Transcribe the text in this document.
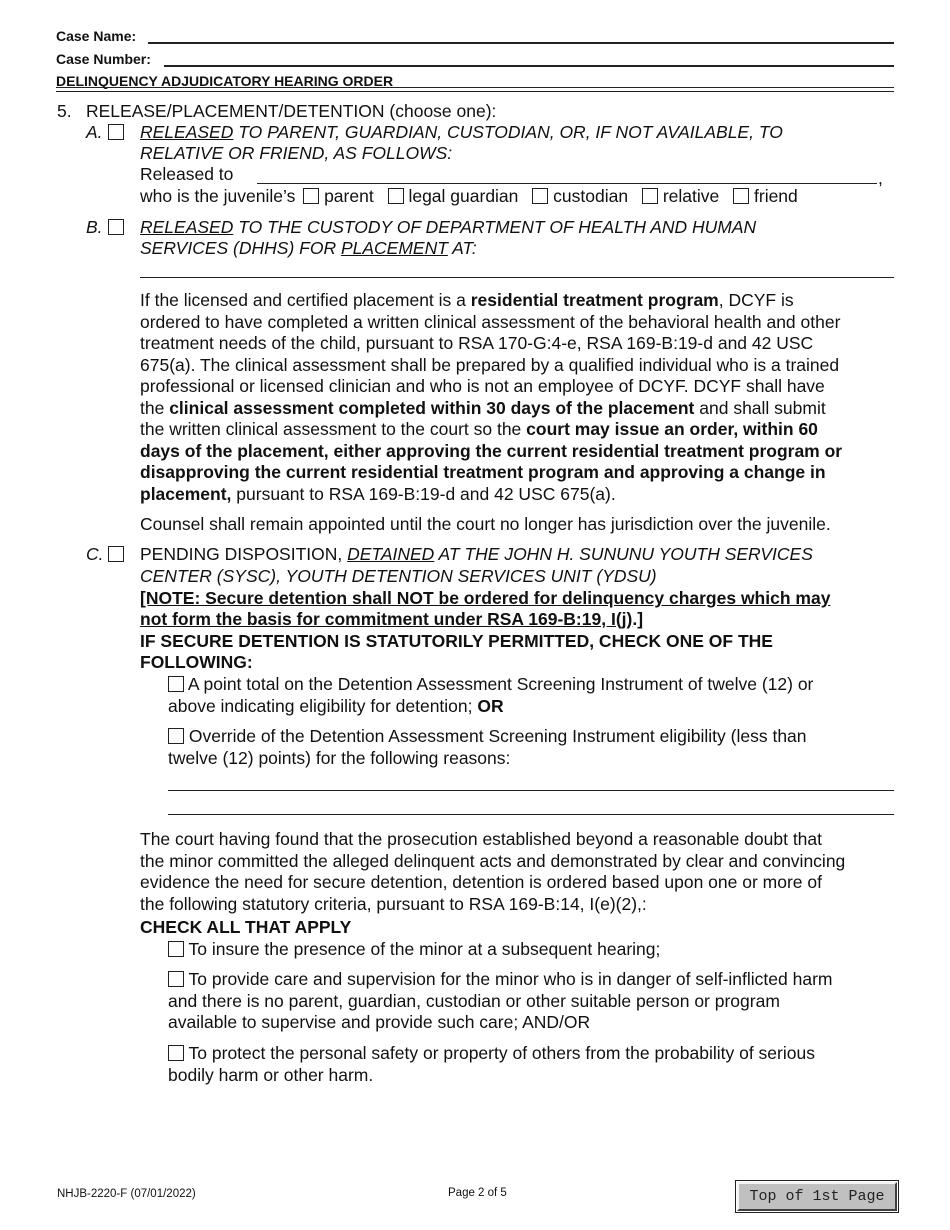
Case Name:
Case Number:
DELINQUENCY ADJUDICATORY HEARING ORDER
5. RELEASE/PLACEMENT/DETENTION (choose one):
A. RELEASED TO PARENT, GUARDIAN, CUSTODIAN, OR, IF NOT AVAILABLE, TO
RELATIVE OR FRIEND, AS FOLLOWS:
Released to	,
who is the juvenile’s parent legal guardian custodian relative friend
B. RELEASED TO THE CUSTODY OF DEPARTMENT OF HEALTH AND HUMAN
SERVICES (DHHS) FOR PLACEMENT AT:
If the licensed and certified placement is a residential treatment program, DCYF is
ordered to have completed a written clinical assessment of the behavioral health and other
treatment needs of the child, pursuant to RSA 170-G:4-e, RSA 169-B:19-d and 42 USC
675(a). The clinical assessment shall be prepared by a qualified individual who is a trained
professional or licensed clinician and who is not an employee of DCYF. DCYF shall have
the clinical assessment completed within 30 days of the placement and shall submit
the written clinical assessment to the court so the court may issue an order, within 60
days of the placement, either approving the current residential treatment program or
disapproving the current residential treatment program and approving a change in
placement, pursuant to RSA 169-B:19-d and 42 USC 675(a).
Counsel shall remain appointed until the court no longer has jurisdiction over the juvenile.
C. PENDING DISPOSITION, DETAINED AT THE JOHN H. SUNUNU YOUTH SERVICES
CENTER (SYSC), YOUTH DETENTION SERVICES UNIT (YDSU)
[NOTE: Secure detention shall NOT be ordered for delinquency charges which may
not form the basis for commitment under RSA 169-B:19, I(j).]
IF SECURE DETENTION IS STATUTORILY PERMITTED, CHECK ONE OF THE
FOLLOWING:
A point total on the Detention Assessment Screening Instrument of twelve (12) or
above indicating eligibility for detention; OR
Override of the Detention Assessment Screening Instrument eligibility (less than
twelve (12) points) for the following reasons:
The court having found that the prosecution established beyond a reasonable doubt that
the minor committed the alleged delinquent acts and demonstrated by clear and convincing
evidence the need for secure detention, detention is ordered based upon one or more of
the following statutory criteria, pursuant to RSA 169-B:14, I(e)(2),:
CHECK ALL THAT APPLY
To insure the presence of the minor at a subsequent hearing;
To provide care and supervision for the minor who is in danger of self-inflicted harm
and there is no parent, guardian, custodian or other suitable person or program
available to supervise and provide such care; AND/OR
To protect the personal safety or property of others from the probability of serious
bodily harm or other harm.
NHJB-2220-F (07/01/2022)	Page 2 of 5	Top of 1st Page
